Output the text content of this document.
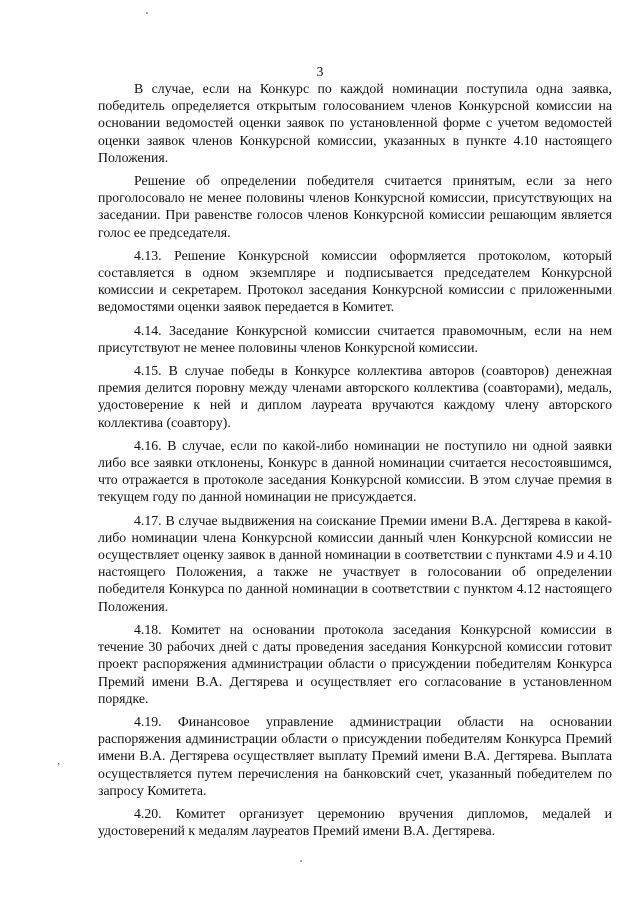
3

В случае, если на Конкурс по каждой номинации поступила одна заявка, победитель определяется открытым голосованием членов Конкурсной комиссии на основании ведомостей оценки заявок по установленной форме с учетом ведомостей оценки заявок членов Конкурсной комиссии, указанных в пункте 4.10 настоящего Положения.

Решение об определении победителя считается принятым, если за него проголосовало не менее половины членов Конкурсной комиссии, присутствующих на заседании. При равенстве голосов членов Конкурсной комиссии решающим является голос ее председателя.

4.13. Решение Конкурсной комиссии оформляется протоколом, который составляется в одном экземпляре и подписывается председателем Конкурсной комиссии и секретарем. Протокол заседания Конкурсной комиссии с приложенными ведомостями оценки заявок передается в Комитет.

4.14. Заседание Конкурсной комиссии считается правомочным, если на нем присутствуют не менее половины членов Конкурсной комиссии.

4.15. В случае победы в Конкурсе коллектива авторов (соавторов) денежная премия делится поровну между членами авторского коллектива (соавторами), медаль, удостоверение к ней и диплом лауреата вручаются каждому члену авторского коллектива (соавтору).

4.16. В случае, если по какой-либо номинации не поступило ни одной заявки либо все заявки отклонены, Конкурс в данной номинации считается несостоявшимся, что отражается в протоколе заседания Конкурсной комиссии. В этом случае премия в текущем году по данной номинации не присуждается.

4.17. В случае выдвижения на соискание Премии имени В.А. Дегтярева в какой-либо номинации члена Конкурсной комиссии данный член Конкурсной комиссии не осуществляет оценку заявок в данной номинации в соответствии с пунктами 4.9 и 4.10 настоящего Положения, а также не участвует в голосовании об определении победителя Конкурса по данной номинации в соответствии с пунктом 4.12 настоящего Положения.

4.18. Комитет на основании протокола заседания Конкурсной комиссии в течение 30 рабочих дней с даты проведения заседания Конкурсной комиссии готовит проект распоряжения администрации области о присуждении победителям Конкурса Премий имени В.А. Дегтярева и осуществляет его согласование в установленном порядке.

4.19. Финансовое управление администрации области на основании распоряжения администрации области о присуждении победителям Конкурса Премий имени В.А. Дегтярева осуществляет выплату Премий имени В.А. Дегтярева. Выплата осуществляется путем перечисления на банковский счет, указанный победителем по запросу Комитета.

4.20. Комитет организует церемонию вручения дипломов, медалей и удостоверений к медалям лауреатов Премий имени В.А. Дегтярева.

’
